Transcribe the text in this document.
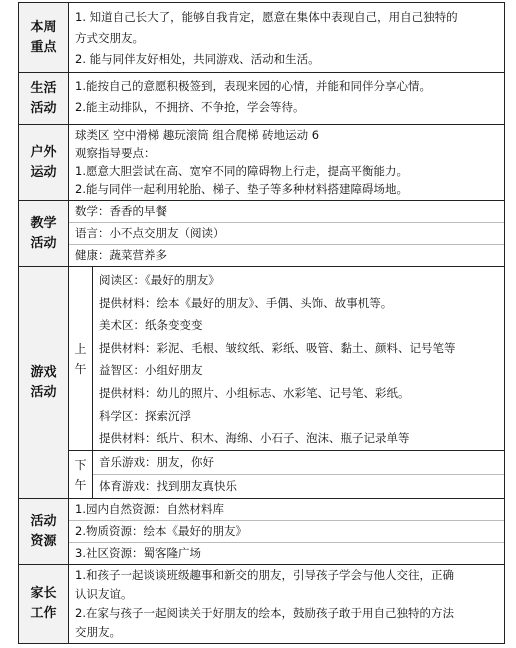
本周
重点
1. 知道自己长大了，能够自我肯定，愿意在集体中表现自己，用自己独特的
方式交朋友。
2. 能与同伴友好相处，共同游戏、活动和生活。
生活
活动
1.能按自己的意愿积极签到，表现来园的心情，并能和同伴分享心情。
2.能主动排队，不拥挤、不争抢，学会等待。
户外
运动
球类区 空中滑梯 趣玩滚筒 组合爬梯 砖地运动 6
观察指导要点：
1.愿意大胆尝试在高、宽窄不同的障碍物上行走，提高平衡能力。
2.能与同伴一起利用轮胎、梯子、垫子等多种材料搭建障碍场地。
教学
活动
数学：香香的早餐
语言：小不点交朋友（阅读）
健康：蔬菜营养多
游戏
活动
上
午
阅读区：《最好的朋友》
提供材料：绘本《最好的朋友》、手偶、头饰、故事机等。
美术区：纸条变变变
提供材料：彩泥、毛根、皱纹纸、彩纸、吸管、黏土、颜料、记号笔等
益智区：小组好朋友
提供材料：幼儿的照片、小组标志、水彩笔、记号笔、彩纸。
科学区：探索沉浮
提供材料：纸片、积木、海绵、小石子、泡沫、瓶子记录单等
下
午
音乐游戏：朋友，你好
体育游戏：找到朋友真快乐
活动
资源
1.园内自然资源：自然材料库
2.物质资源：绘本《最好的朋友》
3.社区资源：蜀客隆广场
家长
工作
1.和孩子一起谈谈班级趣事和新交的朋友，引导孩子学会与他人交往，正确
认识友谊。
2.在家与孩子一起阅读关于好朋友的绘本，鼓励孩子敢于用自己独特的方法
交朋友。
